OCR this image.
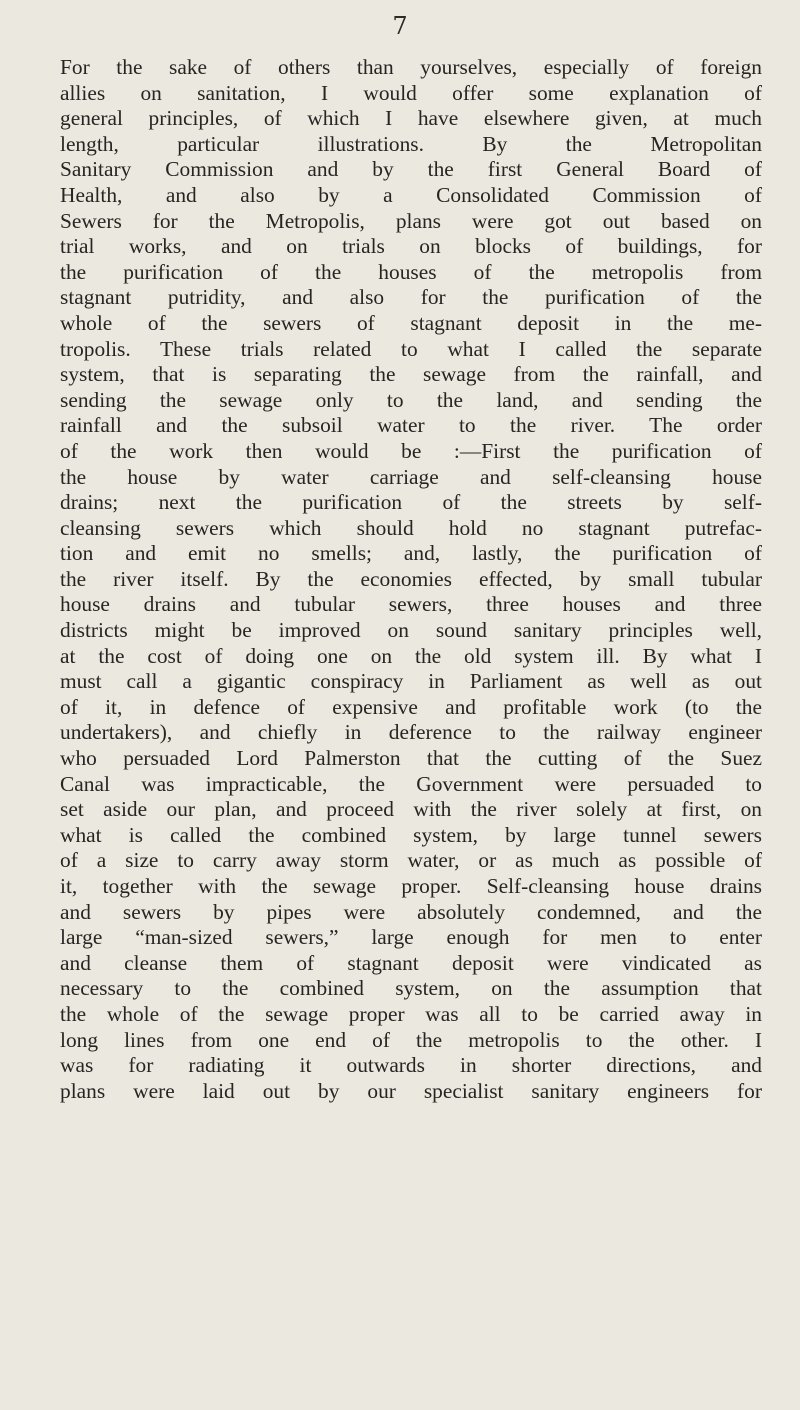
7
For the sake of others than yourselves, especially of foreign
allies on sanitation, I would offer some explanation of
general principles, of which I have elsewhere given, at much
length, particular illustrations. By the Metropolitan
Sanitary Commission and by the first General Board of
Health, and also by a Consolidated Commission of
Sewers for the Metropolis, plans were got out based on
trial works, and on trials on blocks of buildings, for
the purification of the houses of the metropolis from
stagnant putridity, and also for the purification of the
whole of the sewers of stagnant deposit in the me-
tropolis. These trials related to what I called the separate
system, that is separating the sewage from the rainfall, and
sending the sewage only to the land, and sending the
rainfall and the subsoil water to the river. The order
of the work then would be :—First the purification of
the house by water carriage and self-cleansing house
drains; next the purification of the streets by self-
cleansing sewers which should hold no stagnant putrefac-
tion and emit no smells; and, lastly, the purification of
the river itself. By the economies effected, by small tubular
house drains and tubular sewers, three houses and three
districts might be improved on sound sanitary principles well,
at the cost of doing one on the old system ill. By what I
must call a gigantic conspiracy in Parliament as well as out
of it, in defence of expensive and profitable work (to the
undertakers), and chiefly in deference to the railway engineer
who persuaded Lord Palmerston that the cutting of the Suez
Canal was impracticable, the Government were persuaded to
set aside our plan, and proceed with the river solely at first, on
what is called the combined system, by large tunnel sewers
of a size to carry away storm water, or as much as possible of
it, together with the sewage proper. Self-cleansing house drains
and sewers by pipes were absolutely condemned, and the
large “man-sized sewers,” large enough for men to enter
and cleanse them of stagnant deposit were vindicated as
necessary to the combined system, on the assumption that
the whole of the sewage proper was all to be carried away in
long lines from one end of the metropolis to the other. I
was for radiating it outwards in shorter directions, and
plans were laid out by our specialist sanitary engineers for
